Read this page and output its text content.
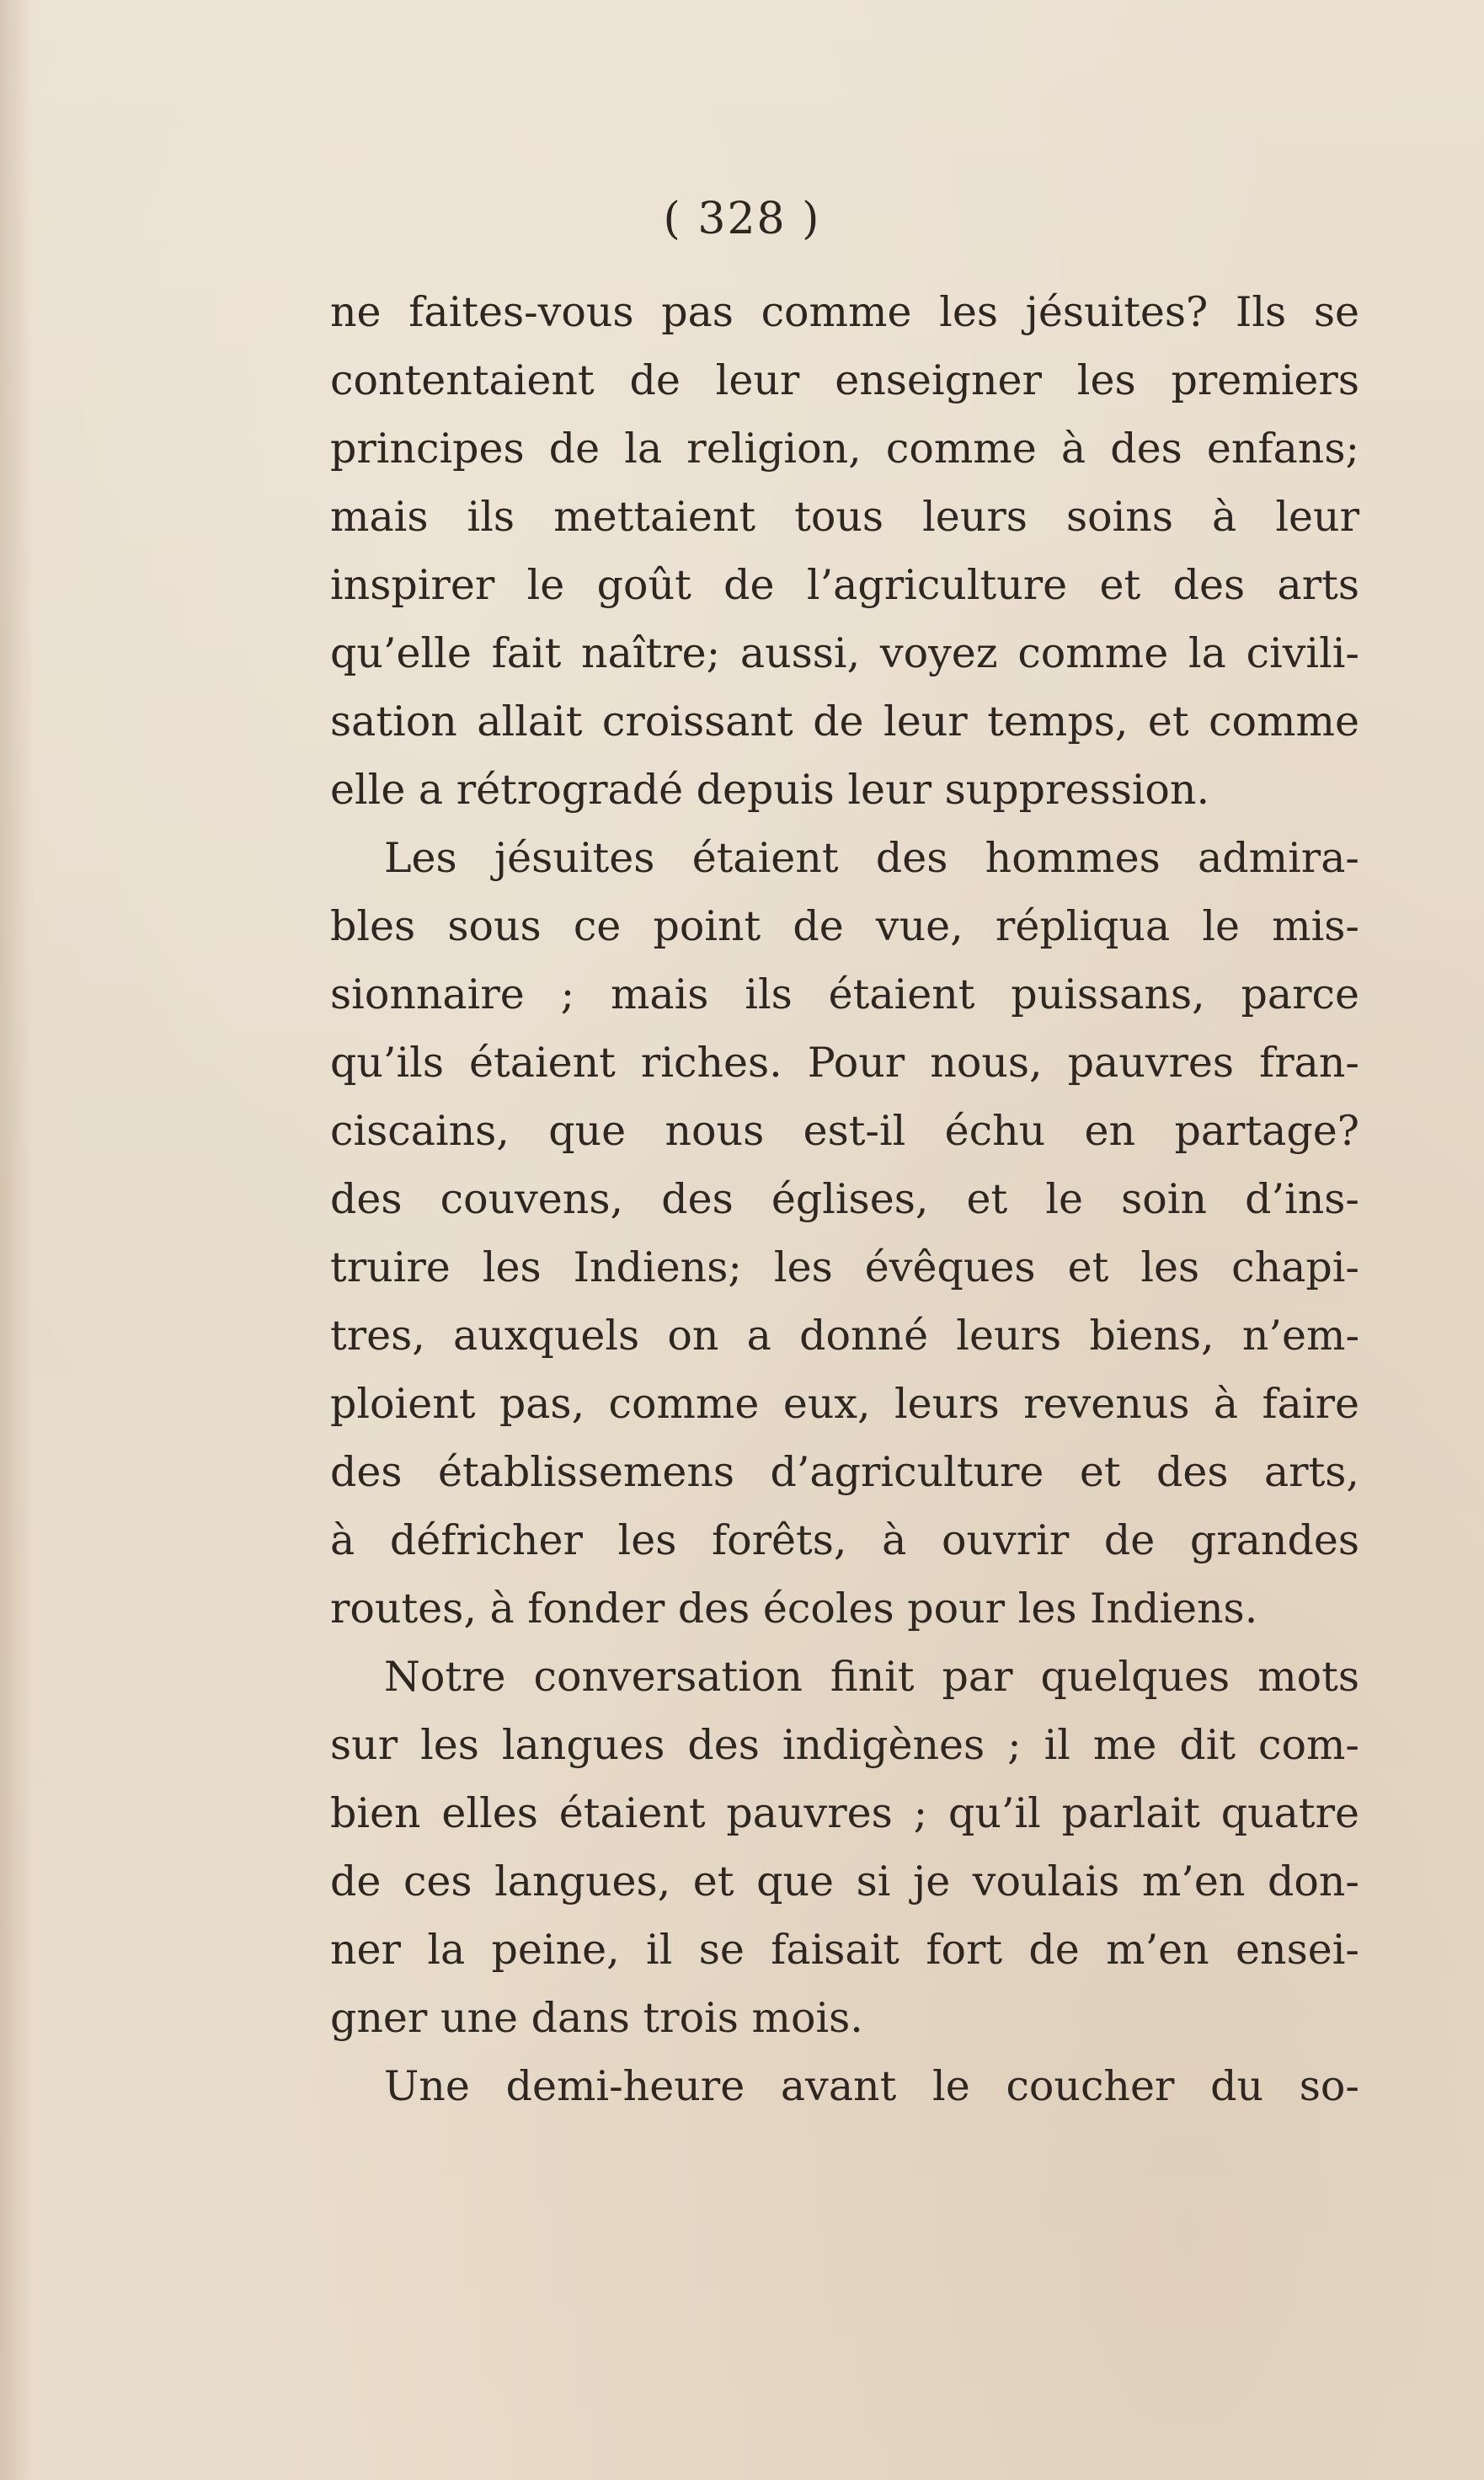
( 328 )
ne faites-vous pas comme les jésuites? Ils se
contentaient de leur enseigner les premiers
principes de la religion, comme à des enfans;
mais ils mettaient tous leurs soins à leur
inspirer le goût de l’agriculture et des arts
qu’elle fait naître; aussi, voyez comme la civili-
sation allait croissant de leur temps, et comme
elle a rétrogradé depuis leur suppression.
Les jésuites étaient des hommes admira-
bles sous ce point de vue, répliqua le mis-
sionnaire ; mais ils étaient puissans, parce
qu’ils étaient riches. Pour nous, pauvres fran-
ciscains, que nous est-il échu en partage?
des couvens, des églises, et le soin d’ins-
truire les Indiens; les évêques et les chapi-
tres, auxquels on a donné leurs biens, n’em-
ploient pas, comme eux, leurs revenus à faire
des établissemens d’agriculture et des arts,
à défricher les forêts, à ouvrir de grandes
routes, à fonder des écoles pour les Indiens.
Notre conversation finit par quelques mots
sur les langues des indigènes ; il me dit com-
bien elles étaient pauvres ; qu’il parlait quatre
de ces langues, et que si je voulais m’en don-
ner la peine, il se faisait fort de m’en ensei-
gner une dans trois mois.
Une demi-heure avant le coucher du so-
